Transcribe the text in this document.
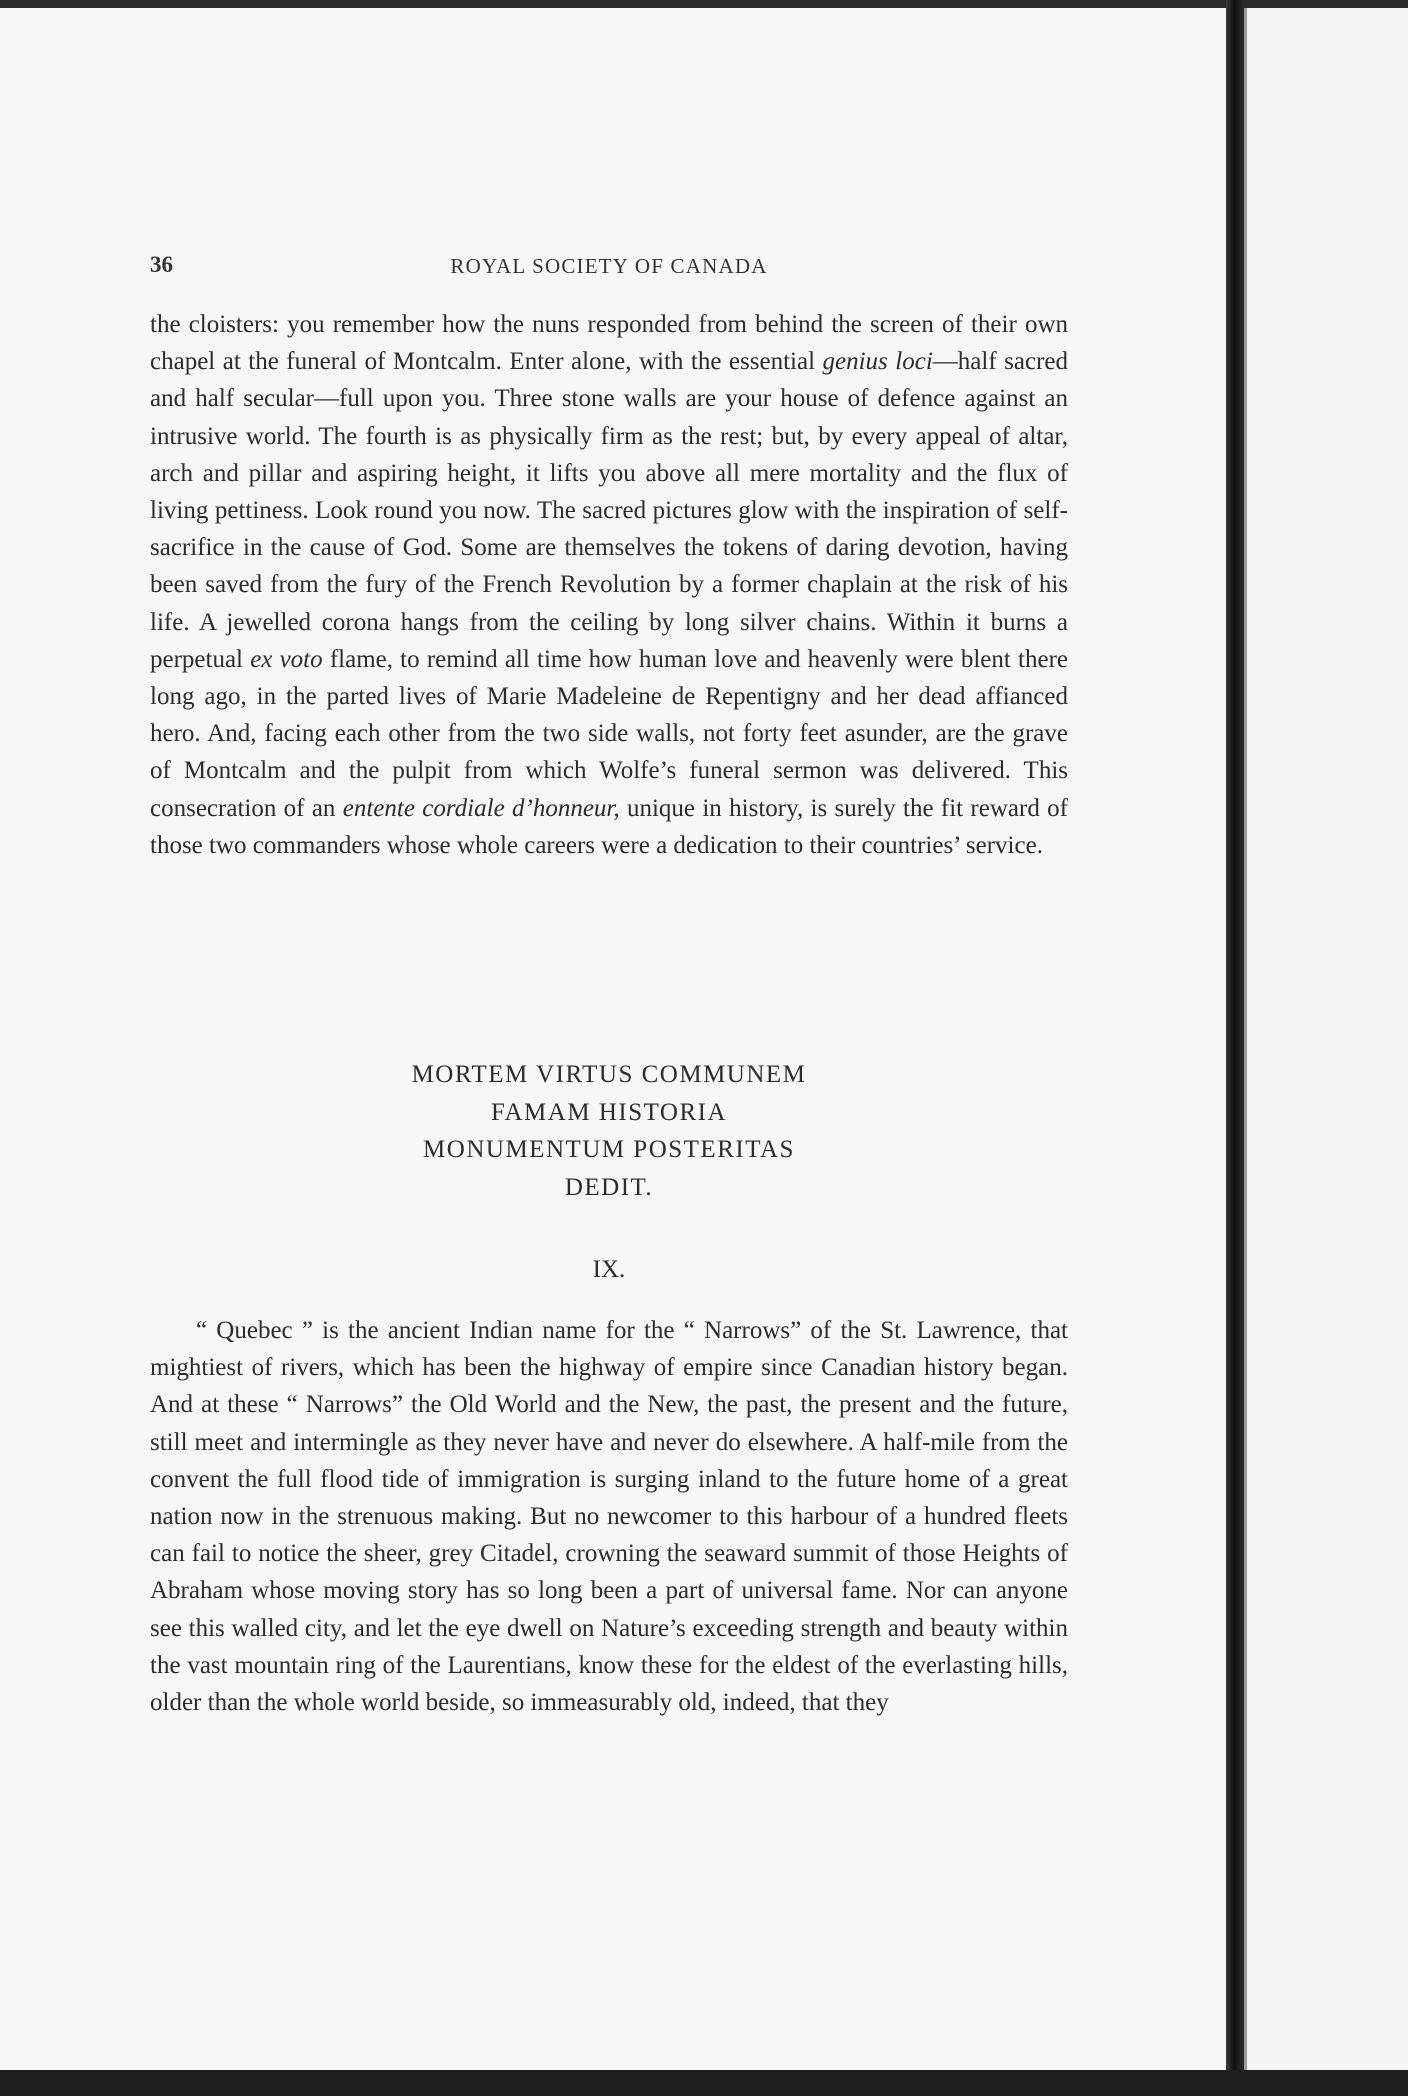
36	ROYAL SOCIETY OF CANADA

the cloisters: you remember how the nuns responded from behind the screen of their own chapel at the funeral of Montcalm. Enter alone, with the essential genius loci—half sacred and half secular—full upon you. Three stone walls are your house of defence against an intrusive world. The fourth is as physically firm as the rest; but, by every appeal of altar, arch and pillar and aspiring height, it lifts you above all mere mortality and the flux of living pettiness. Look round you now. The sacred pictures glow with the inspiration of self-sacrifice in the cause of God. Some are themselves the tokens of daring devotion, having been saved from the fury of the French Revolution by a former chaplain at the risk of his life. A jewelled corona hangs from the ceiling by long silver chains. Within it burns a perpetual ex voto flame, to remind all time how human love and heavenly were blent there long ago, in the parted lives of Marie Madeleine de Repentigny and her dead affianced hero. And, facing each other from the two side walls, not forty feet asunder, are the grave of Montcalm and the pulpit from which Wolfe’s funeral sermon was delivered. This consecration of an entente cordiale d’honneur, unique in history, is surely the fit reward of those two commanders whose whole careers were a dedication to their countries’ service.

MORTEM VIRTUS COMMUNEM
FAMAM HISTORIA
MONUMENTUM POSTERITAS
DEDIT.
IX.

“ Quebec ” is the ancient Indian name for the “ Narrows” of the St. Lawrence, that mightiest of rivers, which has been the highway of empire since Canadian history began. And at these “ Narrows” the Old World and the New, the past, the present and the future, still meet and intermingle as they never have and never do elsewhere. A half-mile from the convent the full flood tide of immigration is surging inland to the future home of a great nation now in the strenuous making. But no newcomer to this harbour of a hundred fleets can fail to notice the sheer, grey Citadel, crowning the seaward summit of those Heights of Abraham whose moving story has so long been a part of universal fame. Nor can anyone see this walled city, and let the eye dwell on Nature’s exceeding strength and beauty within the vast mountain ring of the Laurentians, know these for the eldest of the everlasting hills, older than the whole world beside, so immeasurably old, indeed, that they
